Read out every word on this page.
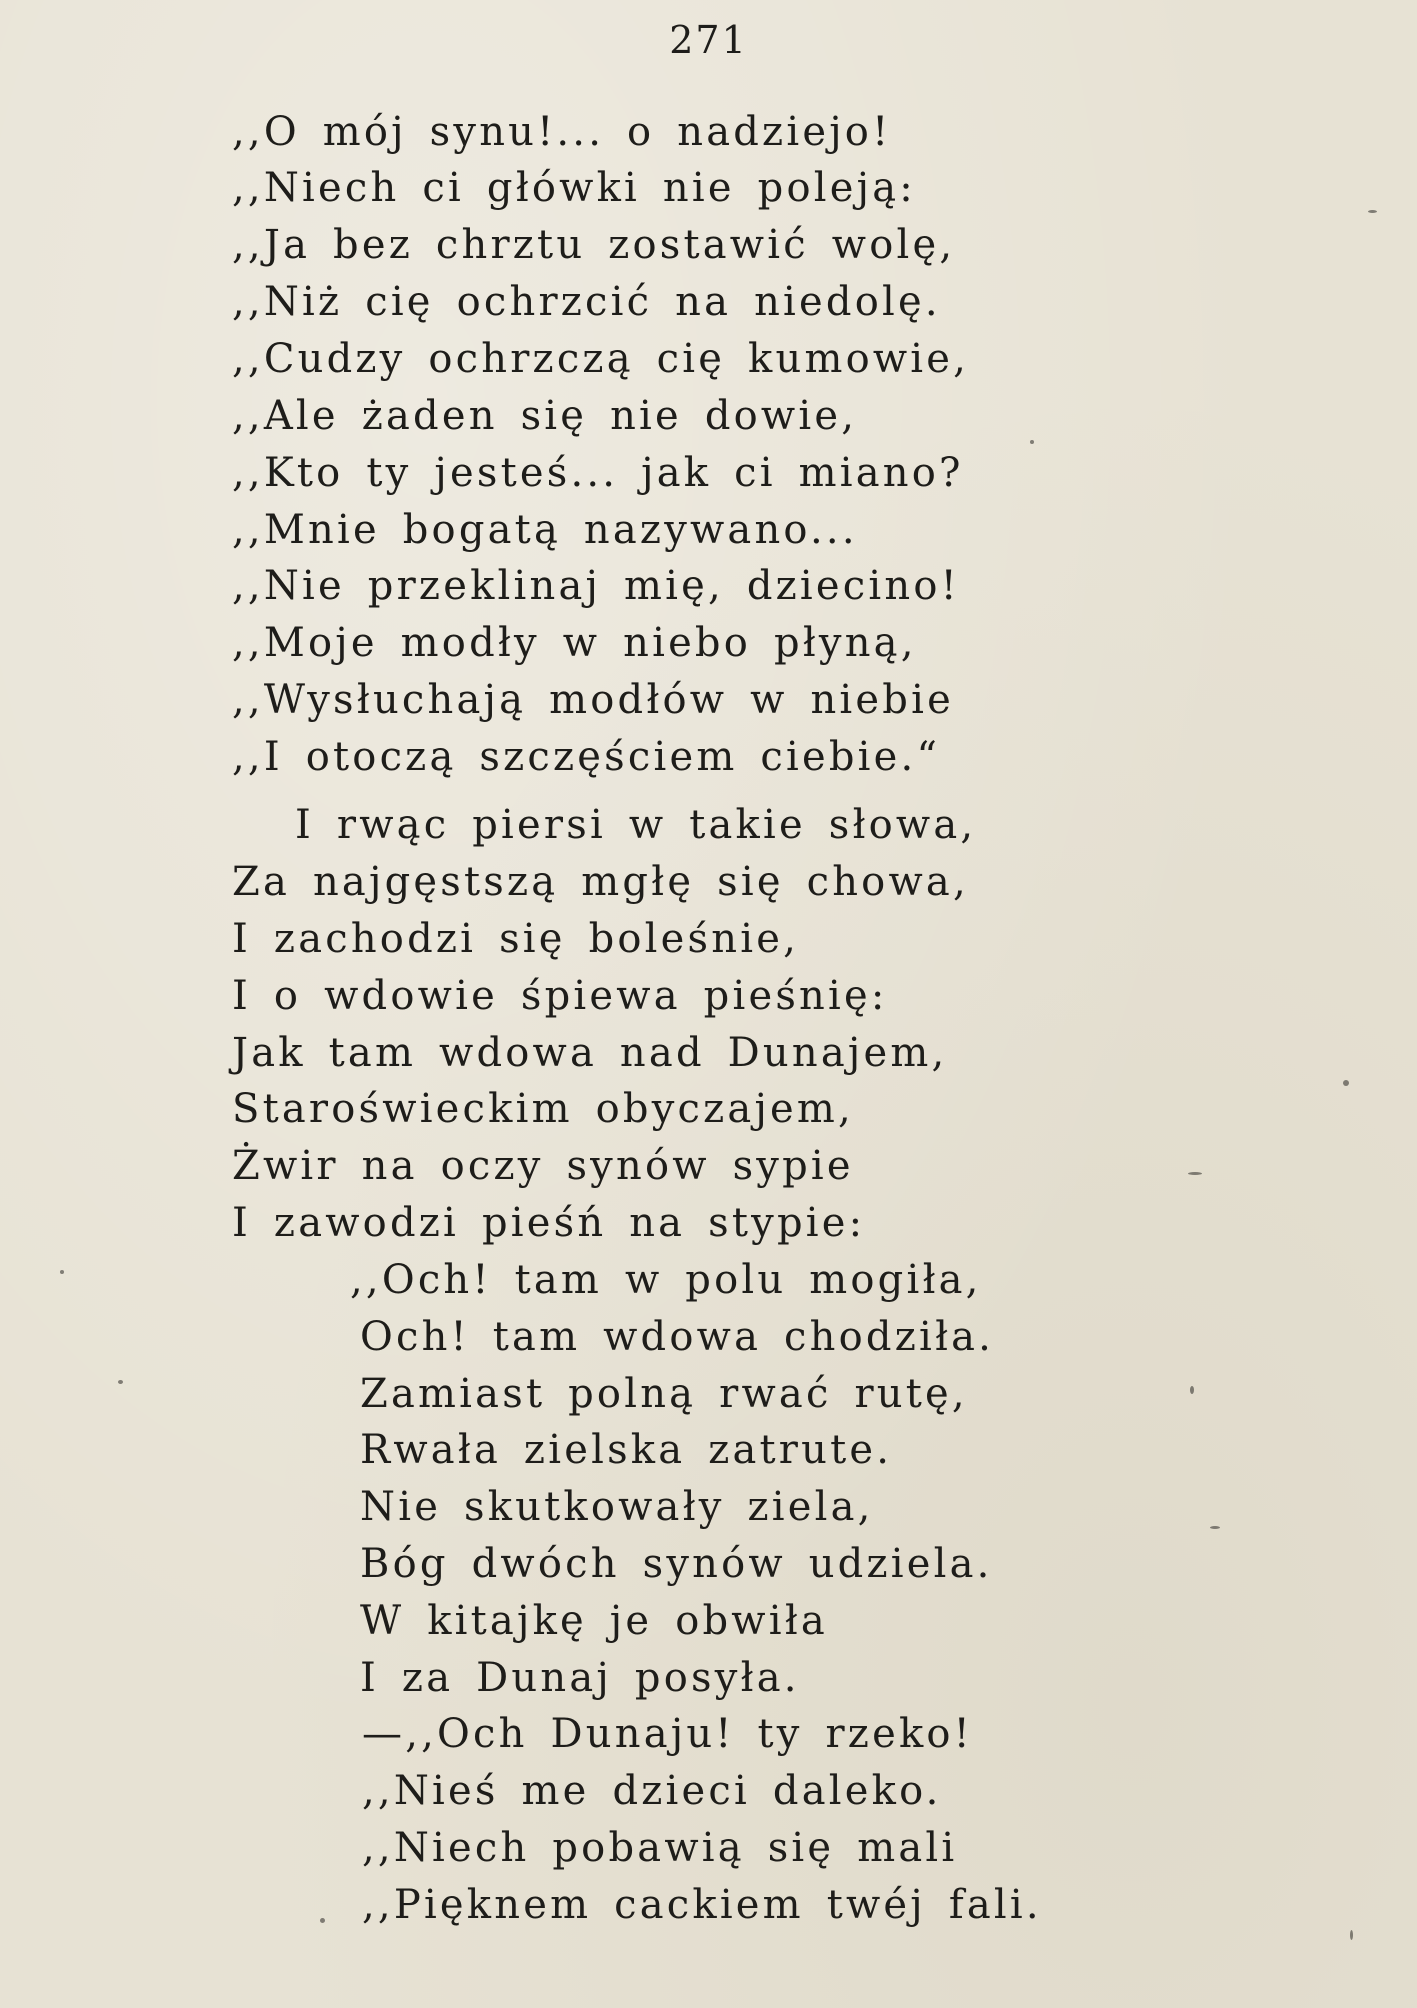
271
,,O mój synu!... o nadziejo!
,,Niech ci główki nie poleją:
,,Ja bez chrztu zostawić wolę,
,,Niż cię ochrzcić na niedolę.
,,Cudzy ochrzczą cię kumowie,
,,Ale żaden się nie dowie,
,,Kto ty jesteś... jak ci miano?
,,Mnie bogatą nazywano...
,,Nie przeklinaj mię, dziecino!
,,Moje modły w niebo płyną,
,,Wysłuchają modłów w niebie
,,I otoczą szczęściem ciebie.“
I rwąc piersi w takie słowa,
Za najgęstszą mgłę się chowa,
I zachodzi się boleśnie,
I o wdowie śpiewa pieśnię:
Jak tam wdowa nad Dunajem,
Staroświeckim obyczajem,
Żwir na oczy synów sypie
I zawodzi pieśń na stypie:
,,Och! tam w polu mogiła,
Och! tam wdowa chodziła.
Zamiast polną rwać rutę,
Rwała zielska zatrute.
Nie skutkowały ziela,
Bóg dwóch synów udziela.
W kitajkę je obwiła
I za Dunaj posyła.
—,,Och Dunaju! ty rzeko!
,,Nieś me dzieci daleko.
,,Niech pobawią się mali
,,Pięknem cackiem twéj fali.
